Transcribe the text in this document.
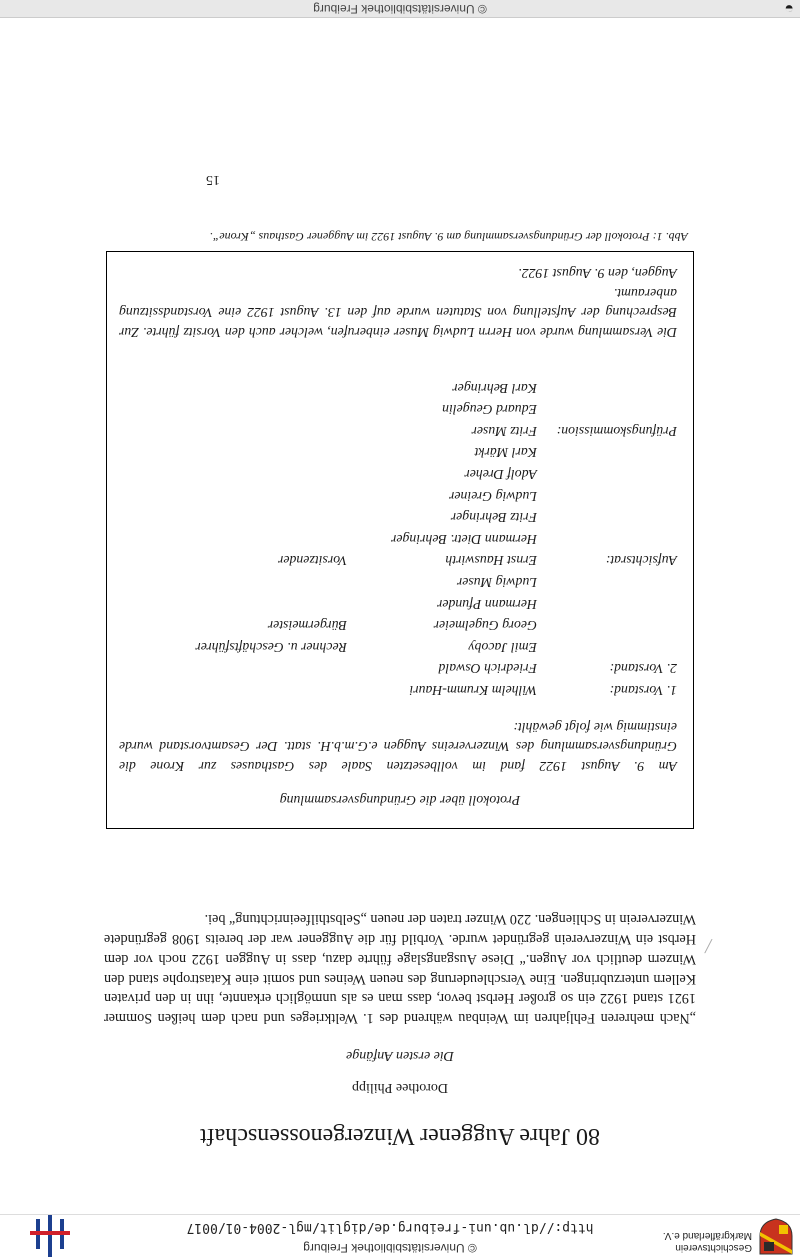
Geschichtsverein
Markgräflerland e.V.
© Universitätsbibliothek Freiburg
http://dl.ub.uni-freiburg.de/diglit/mgl-2004-01/0017
80 Jahre Auggener Winzergenossenschaft
Dorothee Philipp
Die ersten Anfänge
╱
„Nach mehreren Fehljahren im Weinbau während des 1. Weltkrieges und nach dem heißen Sommer 1921 stand 1922 ein so großer Herbst bevor, dass man es als unmöglich erkannte, ihn in den privaten Kellern unterzubringen. Eine Verschleuderung des neuen Weines und somit eine Katastrophe stand den Winzern deutlich vor Augen.“ Diese Ausgangslage führte dazu, dass in Auggen 1922 noch vor dem Herbst ein Winzerverein gegründet wurde. Vorbild für die Auggener war der bereits 1908 gegründete Winzerverein in Schliengen. 220 Winzer traten der neuen „Selbsthilfeeinrichtung“ bei.
Protokoll über die Gründungsversammlung
Am 9. August 1922 fand im vollbesetzten Saale des Gasthauses zur Krone die Gründungsversammlung des Winzervereins Auggen e.G.m.b.H. statt. Der Gesamtvorstand wurde einstimmig wie folgt gewählt:
1. Vorstand:
Wilhelm Krumm-Hauri
2. Vorstand:
Friedrich Oswald
Emil Jacoby
Rechner u. Geschäftsführer
Georg Gugelmeier
Bürgermeister
Hermann Pfunder
Ludwig Muser
Aufsichtsrat:
Ernst Hauswirth
Vorsitzender
Hermann Dietr. Behringer
Fritz Behringer
Ludwig Greiner
Adolf Dreher
Karl Märkt
Prüfungskommission:
Fritz Muser
Eduard Geugelin
Karl Behringer
Die Versammlung wurde von Herrn Ludwig Muser einberufen, welcher auch den Vorsitz führte. Zur Besprechung der Aufstellung von Statuten wurde auf den 13. August 1922 eine Vorstandssitzung anberaumt.
Auggen, den 9. August 1922.
Abb. 1: Protokoll der Gründungsversammlung am 9. August 1922 im Auggener Gasthaus „Krone“.
15
◒
© Universitätsbibliothek Freiburg
